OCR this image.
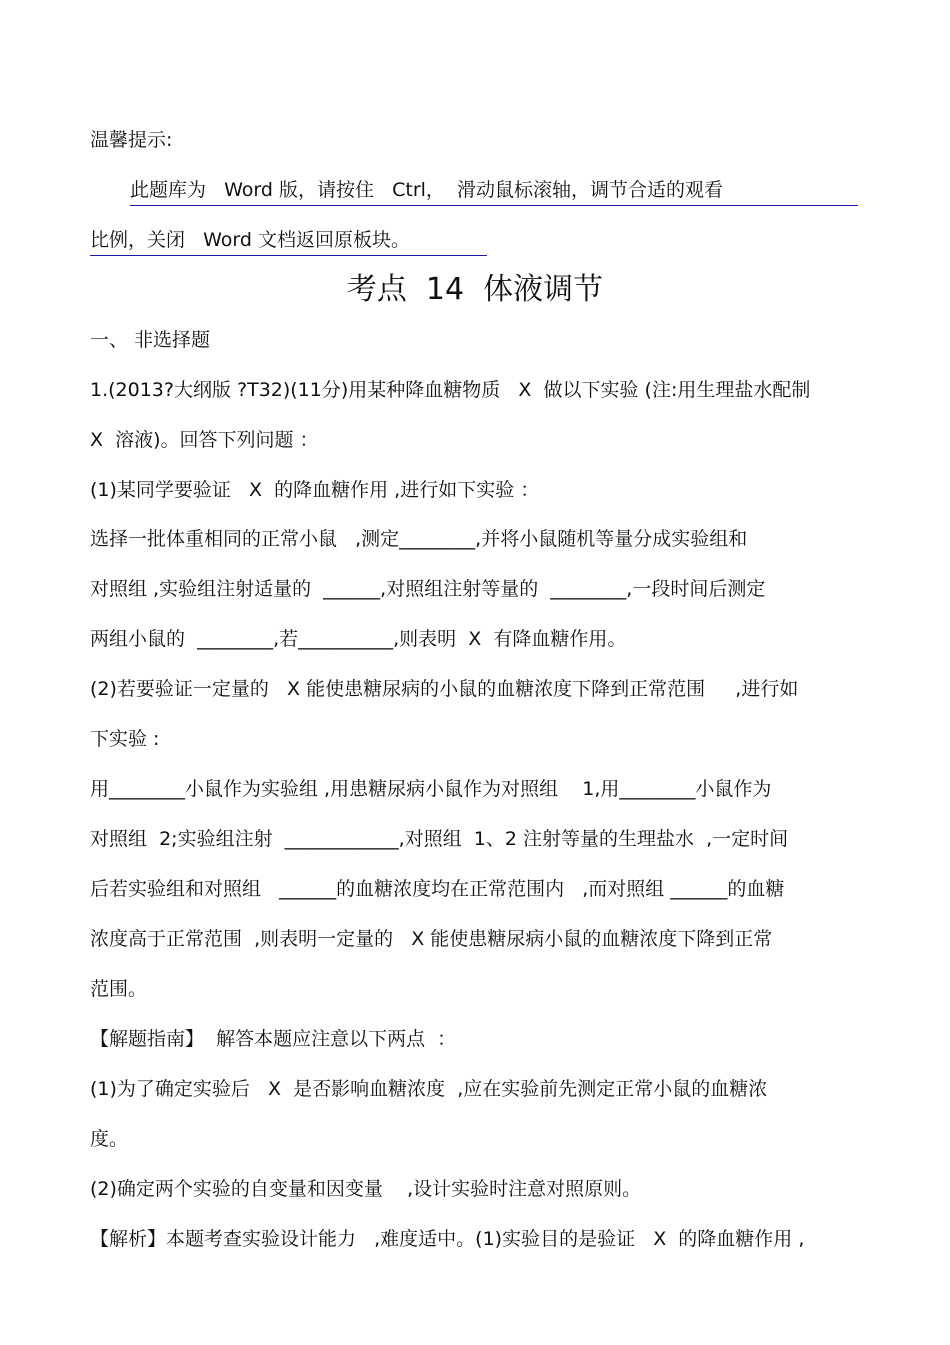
温馨提示:
此题库为   Word 版，请按住   Ctrl，  滑动鼠标滚轴，调节合适的观看
比例，关闭   Word 文档返回原板块。
考点  14  体液调节
一、 非选择题
1.(2013?大纲版 ?T32)(11分)用某种降血糖物质   X  做以下实验 (注:用生理盐水配制
X  溶液)。回答下列问题 ：
(1)某同学要验证   X  的降血糖作用 ,进行如下实验 ：
选择一批体重相同的正常小鼠   ,测定________,并将小鼠随机等量分成实验组和
对照组 ,实验组注射适量的  ______,对照组注射等量的  ________,一段时间后测定
两组小鼠的  ________,若__________,则表明  X  有降血糖作用。
(2)若要验证一定量的   X 能使患糖尿病的小鼠的血糖浓度下降到正常范围     ,进行如
下实验 :
用________小鼠作为实验组 ,用患糖尿病小鼠作为对照组    1,用________小鼠作为
对照组  2;实验组注射  ____________,对照组  1、2 注射等量的生理盐水  ,一定时间
后若实验组和对照组   ______的血糖浓度均在正常范围内   ,而对照组 ______的血糖
浓度高于正常范围  ,则表明一定量的   X 能使患糖尿病小鼠的血糖浓度下降到正常
范围。
【解题指南】  解答本题应注意以下两点  ：
(1)为了确定实验后   X  是否影响血糖浓度  ,应在实验前先测定正常小鼠的血糖浓
度。
(2)确定两个实验的自变量和因变量    ,设计实验时注意对照原则。
【解析】本题考查实验设计能力   ,难度适中。(1)实验目的是验证   X  的降血糖作用 ,
